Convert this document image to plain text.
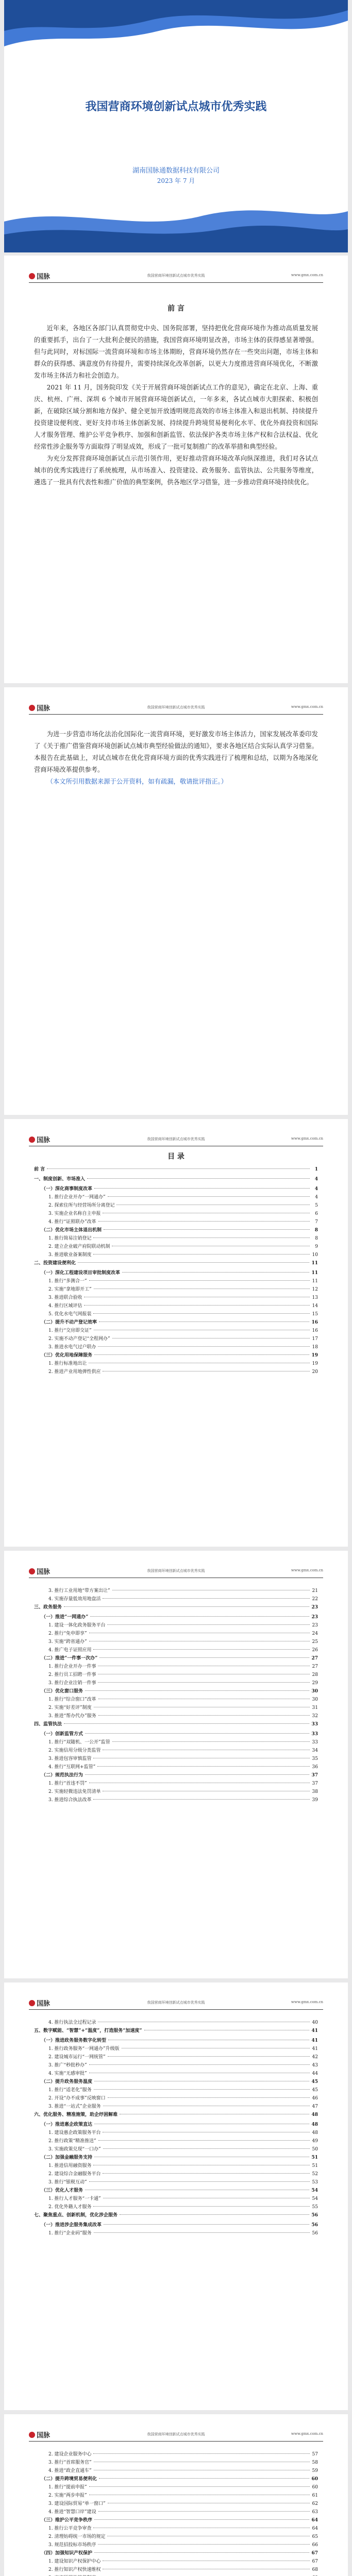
我国营商环境创新试点城市优秀实践
湖南国脉通数据科技有限公司
2023 年 7 月
国脉	我国营商环境创新试点城市优秀实践	www.gmx.com.cn
前 言

近年来，各地区各部门认真贯彻党中央、国务院部署，坚持把优化营商环境作为推动高质量发展的重要抓手，出台了一大批利企便民的措施，我国营商环境明显改善，市场主体的获得感显著增强。但与此同时，对标国际一流营商环境和市场主体期盼，营商环境仍然存在一些突出问题，市场主体和群众的获得感、满意度仍有待提升，需要持续深化改革创新，以更大力度推进营商环境优化，不断激发市场主体活力和社会创造力。

2021 年 11 月，国务院印发《关于开展营商环境创新试点工作的意见》，确定在北京、上海、重庆、杭州、广州、深圳 6 个城市开展营商环境创新试点，一年多来，各试点城市大胆探索、积极创新，在破除区域分割和地方保护、健全更加开放透明规范高效的市场主体准入和退出机制、持续提升投资建设便利度、更好支持市场主体创新发展、持续提升跨境贸易便利化水平、优化外商投资和国际人才服务管理、维护公平竞争秩序、加强和创新监管、依法保护各类市场主体产权和合法权益、优化经常性涉企服务等方面取得了明显成效，形成了一批可复制推广的改革举措和典型经验。

为充分发挥营商环境创新试点示范引领作用，更好推动营商环境改革向纵深推进，我们对各试点城市的优秀实践进行了系统梳理，从市场准入、投资建设、政务服务、监管执法、公共服务等维度，遴选了一批具有代表性和推广价值的典型案例，供各地区学习借鉴，进一步推动营商环境持续优化。

国脉	我国营商环境创新试点城市优秀实践	www.gmx.com.cn

为进一步营造市场化法治化国际化一流营商环境，更好激发市场主体活力，国家发展改革委印发了《关于推广借鉴营商环境创新试点城市典型经验做法的通知》，要求各地区结合实际认真学习借鉴。本报告在此基础上，对试点城市在优化营商环境方面的优秀实践进行了梳理和总结，以期为各地深化营商环境改革提供参考。

（本文所引用数据来源于公开资料，如有疏漏，敬请批评指正。）

国脉	我国营商环境创新试点城市优秀实践	www.gmx.com.cn
目 录
前 言	1
一、制度创新、市场准入	4
（一）深化商事制度改革	4
1. 推行企业开办“一网通办”	4
2. 探索住所与经营场所分离登记	5
3. 实施企业名称自主申报	6
4. 推行“证照联办”改革	7
（二）优化市场主体退出机制	8
1. 推行简易注销登记	8
2. 建立企业破产府院联动机制	9
3. 推进歇业备案制度	10
二、投资建设便利化	11
（一）深化工程建设项目审批制度改革	11
1. 推行“多测合一”	11
2. 实施“拿地即开工”	12
3. 推进联合验收	13
4. 推行区域评估	14
5. 优化水电气网报装	15
（二）提升不动产登记效率	16
1. 推行“交房即交证”	16
2. 实施不动产登记“全程网办”	17
3. 推进水电气过户联办	18
（三）优化用地保障服务	19
1. 推行标准地出让	19
2. 推进产业用地弹性供应	20
国脉	我国营商环境创新试点城市优秀实践	www.gmx.com.cn
3. 推行工业用地“带方案出让”	21
4. 实施存量低效用地盘活	22
三、政务服务	23
（一）推进“一网通办”	23
1. 建设一体化政务服务平台	23
2. 推行“免申即享”	24
3. 实施“跨省通办”	25
4. 推广电子证照应用	26
（二）推进“一件事一次办”	27
1. 推行企业开办一件事	27
2. 推行员工招聘一件事	28
3. 推行企业注销一件事	29
（三）优化窗口服务	30
1. 推行“综合窗口”改革	30
2. 实施“好差评”制度	31
3. 推进“帮办代办”服务	32
四、监管执法	33
（一）创新监管方式	33
1. 推行“双随机、一公开”监管	33
2. 实施信用分级分类监管	34
3. 推进包容审慎监管	35
4. 推行“互联网+监管”	36
（二）规范执法行为	37
1. 推行“首违不罚”	37
2. 实施轻微违法免罚清单	38
3. 推进综合执法改革	39
国脉	我国营商环境创新试点城市优秀实践	www.gmx.com.cn
4. 推行执法全过程记录	40
五、数字赋能、“智慧”+“温度”，打造服务“加速度”	41
（一）推进政务服务数字化转型	41
1. 推行政务服务“一网通办”升级版	41
2. 建设城市运行“一网统管”	42
3. 推广“秒批秒办”	43
4. 实施“无感审批”	44
（二）提升政务服务温度	45
1. 推行“适老化”服务	45
2. 开设“办不成事”反映窗口	46
3. 推进“一站式”企业服务	47
六、优化服务、精准施策，助企纾困解难	48
（一）推进惠企政策直达	48
1. 建设惠企政策服务平台	48
2. 推行政策“精准推送”	49
3. 实施政策兑现“一口办”	50
（二）加强金融服务支持	51
1. 推进信用融资服务	51
2. 建设综合金融服务平台	52
3. 推行“银税互动”	53
（三）优化人才服务	54
1. 推行人才服务“一卡通”	54
2. 优化外籍人才服务	55
七、聚焦重点、创新机制，优化涉企服务	56
（一）推进涉企服务集成改革	56
1. 推行“企业码”服务	56
国脉	我国营商环境创新试点城市优秀实践	www.gmx.com.cn
2. 建设企业服务中心	57
3. 推行“首席服务官”	58
4. 推进“政企直通车”	59
（二）提升跨境贸易便利化	60
1. 推行“提前申报”	60
2. 实施“两步申报”	61
3. 建设国际贸易“单一窗口”	62
4. 推进“智慧口岸”建设	63
（三）维护公平竞争秩序	64
1. 推行公平竞争审查	64
2. 清理妨碍统一市场的规定	65
3. 规范招投标市场秩序	66
（四）加强知识产权保护	67
1. 建设知识产权保护中心	67
2. 推行知识产权快速维权	68
